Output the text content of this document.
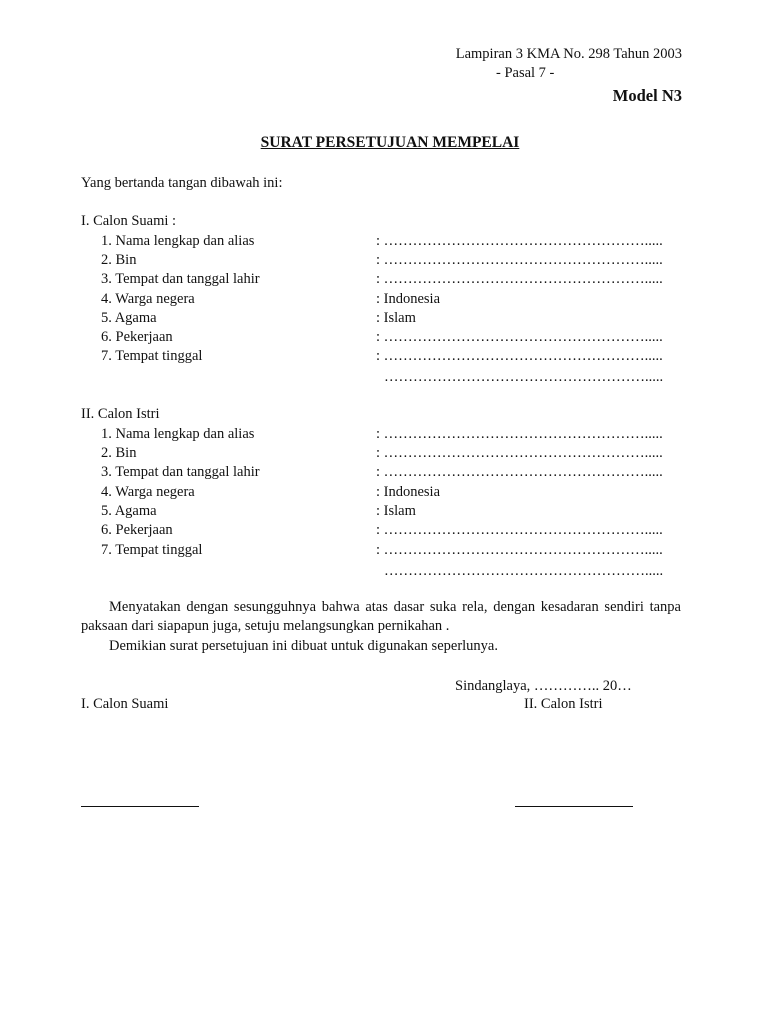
Lampiran 3 KMA No. 298 Tahun 2003
- Pasal 7 -
Model N3
SURAT PERSETUJUAN MEMPELAI
Yang bertanda tangan dibawah ini:
I. Calon Suami :
1. Nama lengkap dan alias	: ……………………………………………….....
2. Bin	: ……………………………………………….....
3. Tempat dan tanggal lahir	: ……………………………………………….....
4. Warga negera	: Indonesia
5. Agama	: Islam
6. Pekerjaan	: ……………………………………………….....
7. Tempat tinggal	: ……………………………………………….....
……………………………………………….....
II. Calon Istri
1. Nama lengkap dan alias	: ……………………………………………….....
2. Bin	: ……………………………………………….....
3. Tempat dan tanggal lahir	: ……………………………………………….....
4. Warga negera	: Indonesia
5. Agama	: Islam
6. Pekerjaan	: ……………………………………………….....
7. Tempat tinggal	: ……………………………………………….....
……………………………………………….....
Menyatakan dengan sesungguhnya bahwa atas dasar suka rela, dengan kesadaran sendiri tanpa paksaan dari siapapun juga, setuju melangsungkan pernikahan .
Demikian surat persetujuan ini dibuat untuk digunakan seperlunya.
Sindanglaya, ………….. 20…
I. Calon Suami	II. Calon Istri
